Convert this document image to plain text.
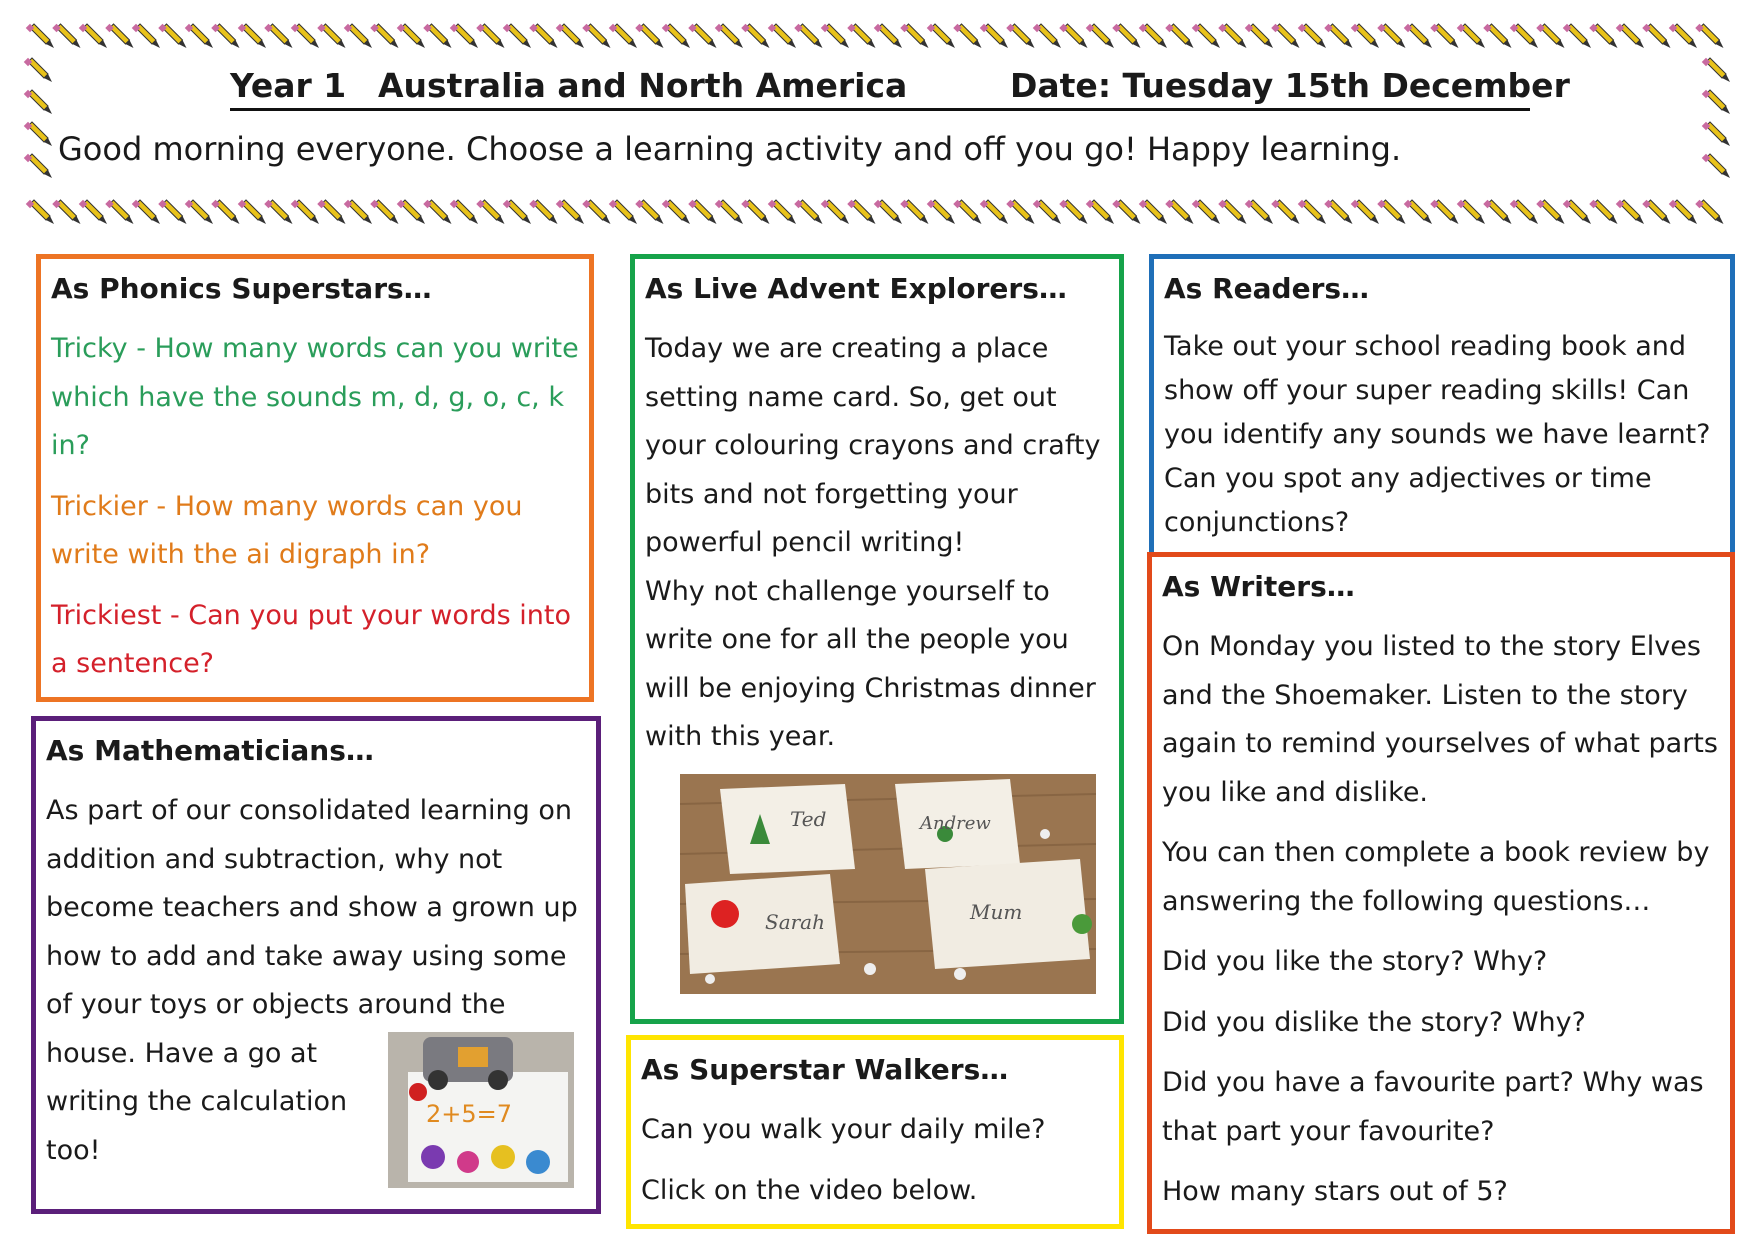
Year 1 Australia and North America	Date: Tuesday 15th December
Good morning everyone. Choose a learning activity and off you go! Happy learning.
As Phonics Superstars…

Tricky - How many words can you write which have the sounds m, d, g, o, c, k in?

Trickier - How many words can you write with the ai digraph in?

Trickiest - Can you put your words into a sentence?

As Live Advent Explorers…

Today we are creating a place setting name card. So, get out your colouring crayons and crafty bits and not forgetting your powerful pencil writing!

Why not challenge yourself to write one for all the people you will be enjoying Christmas dinner with this year.

Ted	Andrew
Sarah	Mum
As Readers…

Take out your school reading book and show off your super reading skills! Can you identify any sounds we have learnt? Can you spot any adjectives or time conjunctions?

As Writers…

On Monday you listed to the story Elves and the Shoemaker. Listen to the story again to remind yourselves of what parts you like and dislike.

You can then complete a book review by answering the following questions…

Did you like the story? Why?

Did you dislike the story? Why?

Did you have a favourite part? Why was that part your favourite?

How many stars out of 5?

As Mathematicians…

As part of our consolidated learning on addition and subtraction, why not become teachers and show a grown up how to add and take away using some of your toys or objects around the

house. Have a go at

writing the calculation

too!

2+5=7
As Superstar Walkers…

Can you walk your daily mile?

Click on the video below.
